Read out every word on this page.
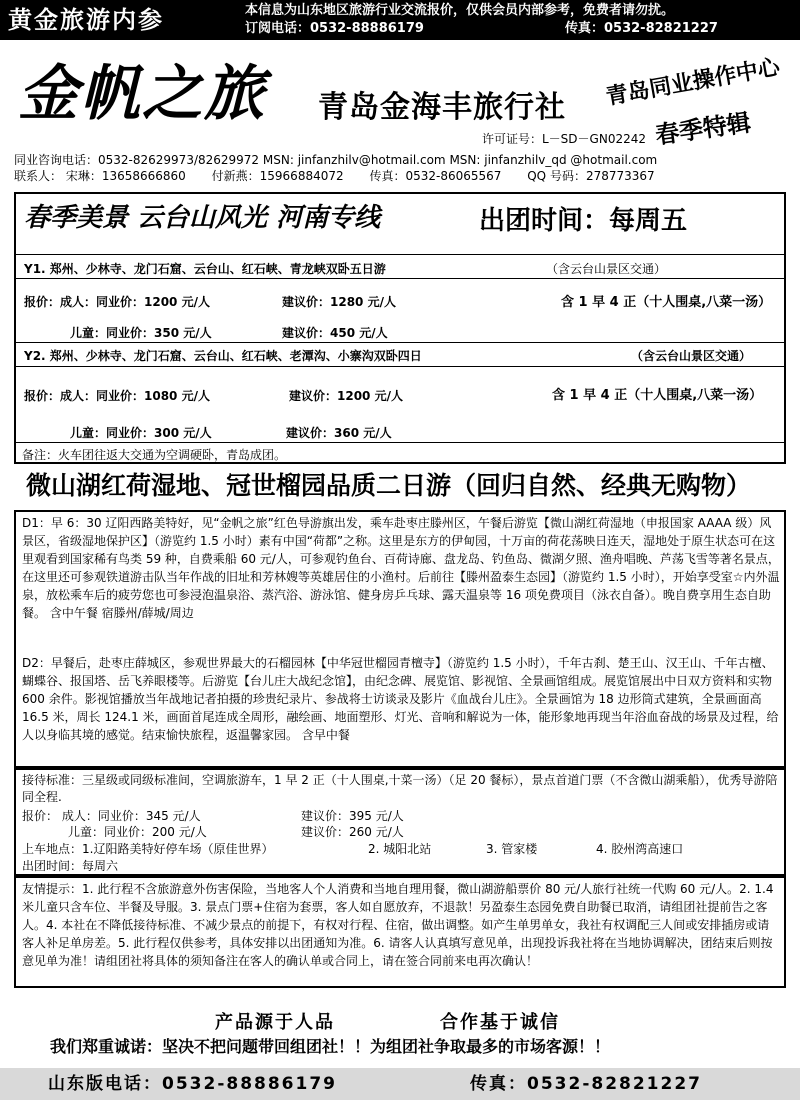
黄金旅游内参	本信息为山东地区旅游行业交流报价，仅供会员内部参考，免费者请勿扰。
订阅电话：0532-88886179	传真：0532-82821227
金帆之旅 青岛金海丰旅行社
许可证号：L－SD－GN02242
青岛同业操作中心
春季特辑
同业咨询电话：0532-82629973/82629972 MSN: jinfanzhilv@hotmail.com MSN: jinfanzhilv_qd @hotmail.com
联系人： 宋琳：13658666860 付新燕：15966884072 传真：0532-86065567 QQ 号码：278773367
春季美景 云台山风光 河南专线	出团时间：每周五
Y1. 郑州、少林寺、龙门石窟、云台山、红石峡、青龙峡双卧五日游	（含云台山景区交通）
报价：成人：同业价：1200 元/人	建议价：1280 元/人	含 1 早 4 正（十人围桌,八菜一汤）
儿童：同业价：350 元/人	建议价：450 元/人
Y2. 郑州、少林寺、龙门石窟、云台山、红石峡、老潭沟、小寨沟双卧四日	（含云台山景区交通）
报价：成人：同业价：1080 元/人	建议价：1200 元/人	含 1 早 4 正（十人围桌,八菜一汤）
儿童：同业价：300 元/人	建议价：360 元/人
备注：火车团往返大交通为空调硬卧，青岛成团。
微山湖红荷湿地、冠世榴园品质二日游（回归自然、经典无购物）
D1：早 6：30 辽阳西路美特好，见“金帆之旅”红色导游旗出发，乘车赴枣庄滕州区，午餐后游览【微山湖红荷湿地（申报国家 AAAA 级）风景区，省级湿地保护区】（游览约 1.5 小时）素有中国“荷都”之称。这里是东方的伊甸园，十万亩的荷花荡映日连天，湿地处于原生状态可在这里观看到国家稀有鸟类 59 种，自费乘船 60 元/人，可参观钓鱼台、百荷诗廊、盘龙岛、钓鱼岛、微湖夕照、渔舟唱晚、芦荡飞雪等著名景点，在这里还可参观铁道游击队当年作战的旧址和芳林嫂等英雄居住的小渔村。后前往【滕州盈泰生态园】（游览约 1.5 小时），开始享受室☆内外温泉，放松乘车后的疲劳您也可参浸泡温泉浴、蒸汽浴、游泳馆、健身房乒乓球、露天温泉等 16 项免费项目（泳衣自备）。晚自费享用生态自助餐。 含中午餐 宿滕州/薛城/周边
D2：早餐后，赴枣庄薛城区，参观世界最大的石榴园林【中华冠世榴园青檀寺】（游览约 1.5 小时），千年古刹、楚王山、汉王山、千年古檀、蝴蝶谷、报国塔、岳飞养眼楼等。后游览【台儿庄大战纪念馆】，由纪念碑、展览馆、影视馆、全景画馆组成。展览馆展出中日双方资料和实物 600 余件。影视馆播放当年战地记者拍摄的珍贵纪录片、参战将士访谈录及影片《血战台儿庄》。全景画馆为 18 边形筒式建筑，全景画面高 16.5 米，周长 124.1 米，画面首尾连成全周形，融绘画、地面塑形、灯光、音响和解说为一体，能形象地再现当年浴血奋战的场景及过程，给人以身临其境的感觉。结束愉快旅程，返温馨家园。 含早中餐
接待标准：三星级或同级标准间，空调旅游车，1 早 2 正（十人围桌,十菜一汤）（足 20 餐标），景点首道门票（不含微山湖乘船），优秀导游陪同全程.
报价： 成人：同业价：345 元/人	建议价：395 元/人
儿童：同业价：200 元/人	建议价：260 元/人
上车地点：1.辽阳路美特好停车场（原佳世界）	2. 城阳北站	3. 管家楼	4. 胶州湾高速口
出团时间：每周六
友情提示：1. 此行程不含旅游意外伤害保险，当地客人个人消费和当地自理用餐，微山湖游船票价 80 元/人旅行社统一代购 60 元/人。2. 1.4 米儿童只含车位、半餐及导服。3. 景点门票+住宿为套票，客人如自愿放弃，不退款！另盈泰生态园免费自助餐已取消，请组团社提前告之客人。4. 本社在不降低接待标准、不减少景点的前提下，有权对行程、住宿，做出调整。如产生单男单女，我社有权调配三人间或安排插房或请客人补足单房差。5. 此行程仅供参考，具体安排以出团通知为准。6. 请客人认真填写意见单，出现投诉我社将在当地协调解决，团结束后则按意见单为准！请组团社将具体的须知备注在客人的确认单或合同上，请在签合同前来电再次确认！
产品源于人品	合作基于诚信
我们郑重诚诺：坚决不把问题带回组团社！！为组团社争取最多的市场客源！！
山东版电话：0532-88886179	传真：0532-82821227
